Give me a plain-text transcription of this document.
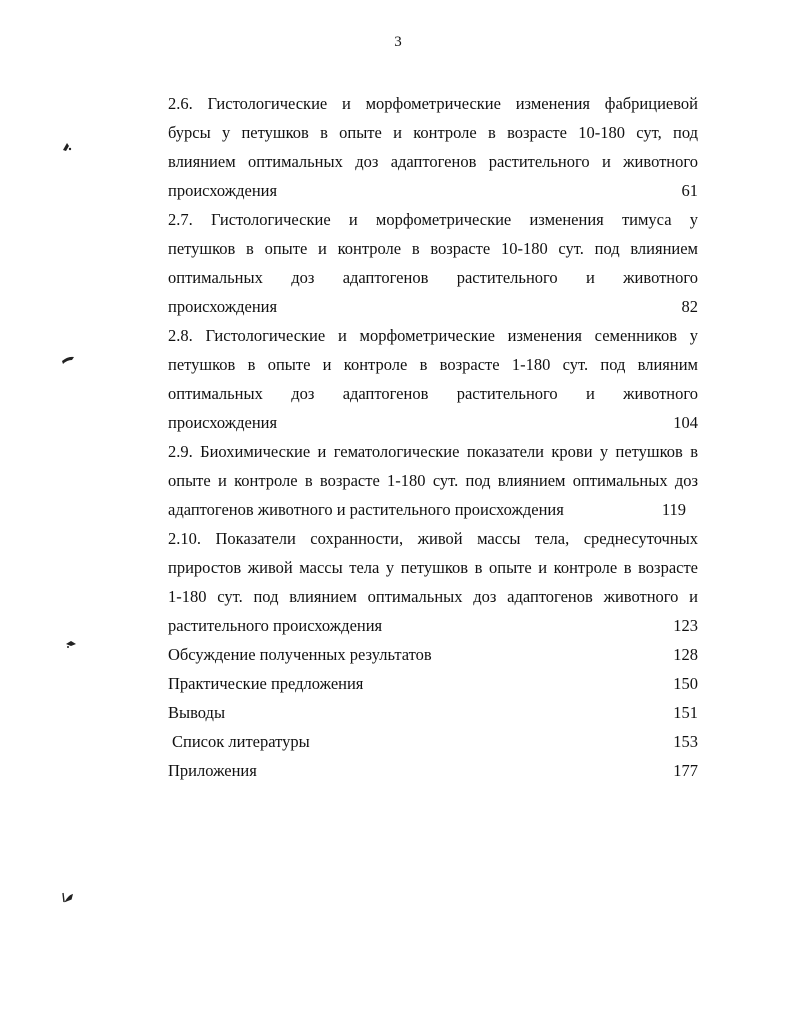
3
2.6. Гистологические и морфометрические изменения фабрициевой
бурсы у петушков в опыте и контроле в возрасте 10-180 сут, под
влиянием оптимальных доз адаптогенов растительного и животного
происхождения	61
2.7. Гистологические и морфометрические изменения тимуса у
петушков в опыте и контроле в возрасте 10-180 сут. под влиянием
оптимальных доз адаптогенов растительного и животного
происхождения	82
2.8. Гистологические и морфометрические изменения семенников у
петушков в опыте и контроле в возрасте 1-180 сут. под влияним
оптимальных доз адаптогенов растительного и животного
происхождения	104
2.9. Биохимические и гематологические показатели крови у петушков в
опыте и контроле в возрасте 1-180 сут. под влиянием оптимальных доз
адаптогенов животного и растительного происхождения	119
2.10. Показатели сохранности, живой массы тела, среднесуточных
приростов живой массы тела у петушков в опыте и контроле в возрасте
1-180 сут. под влиянием оптимальных доз адаптогенов животного и
растительного происхождения	123
Обсуждение полученных результатов	128
Практические предложения	150
Выводы	151
Список литературы	153
Приложения	177
